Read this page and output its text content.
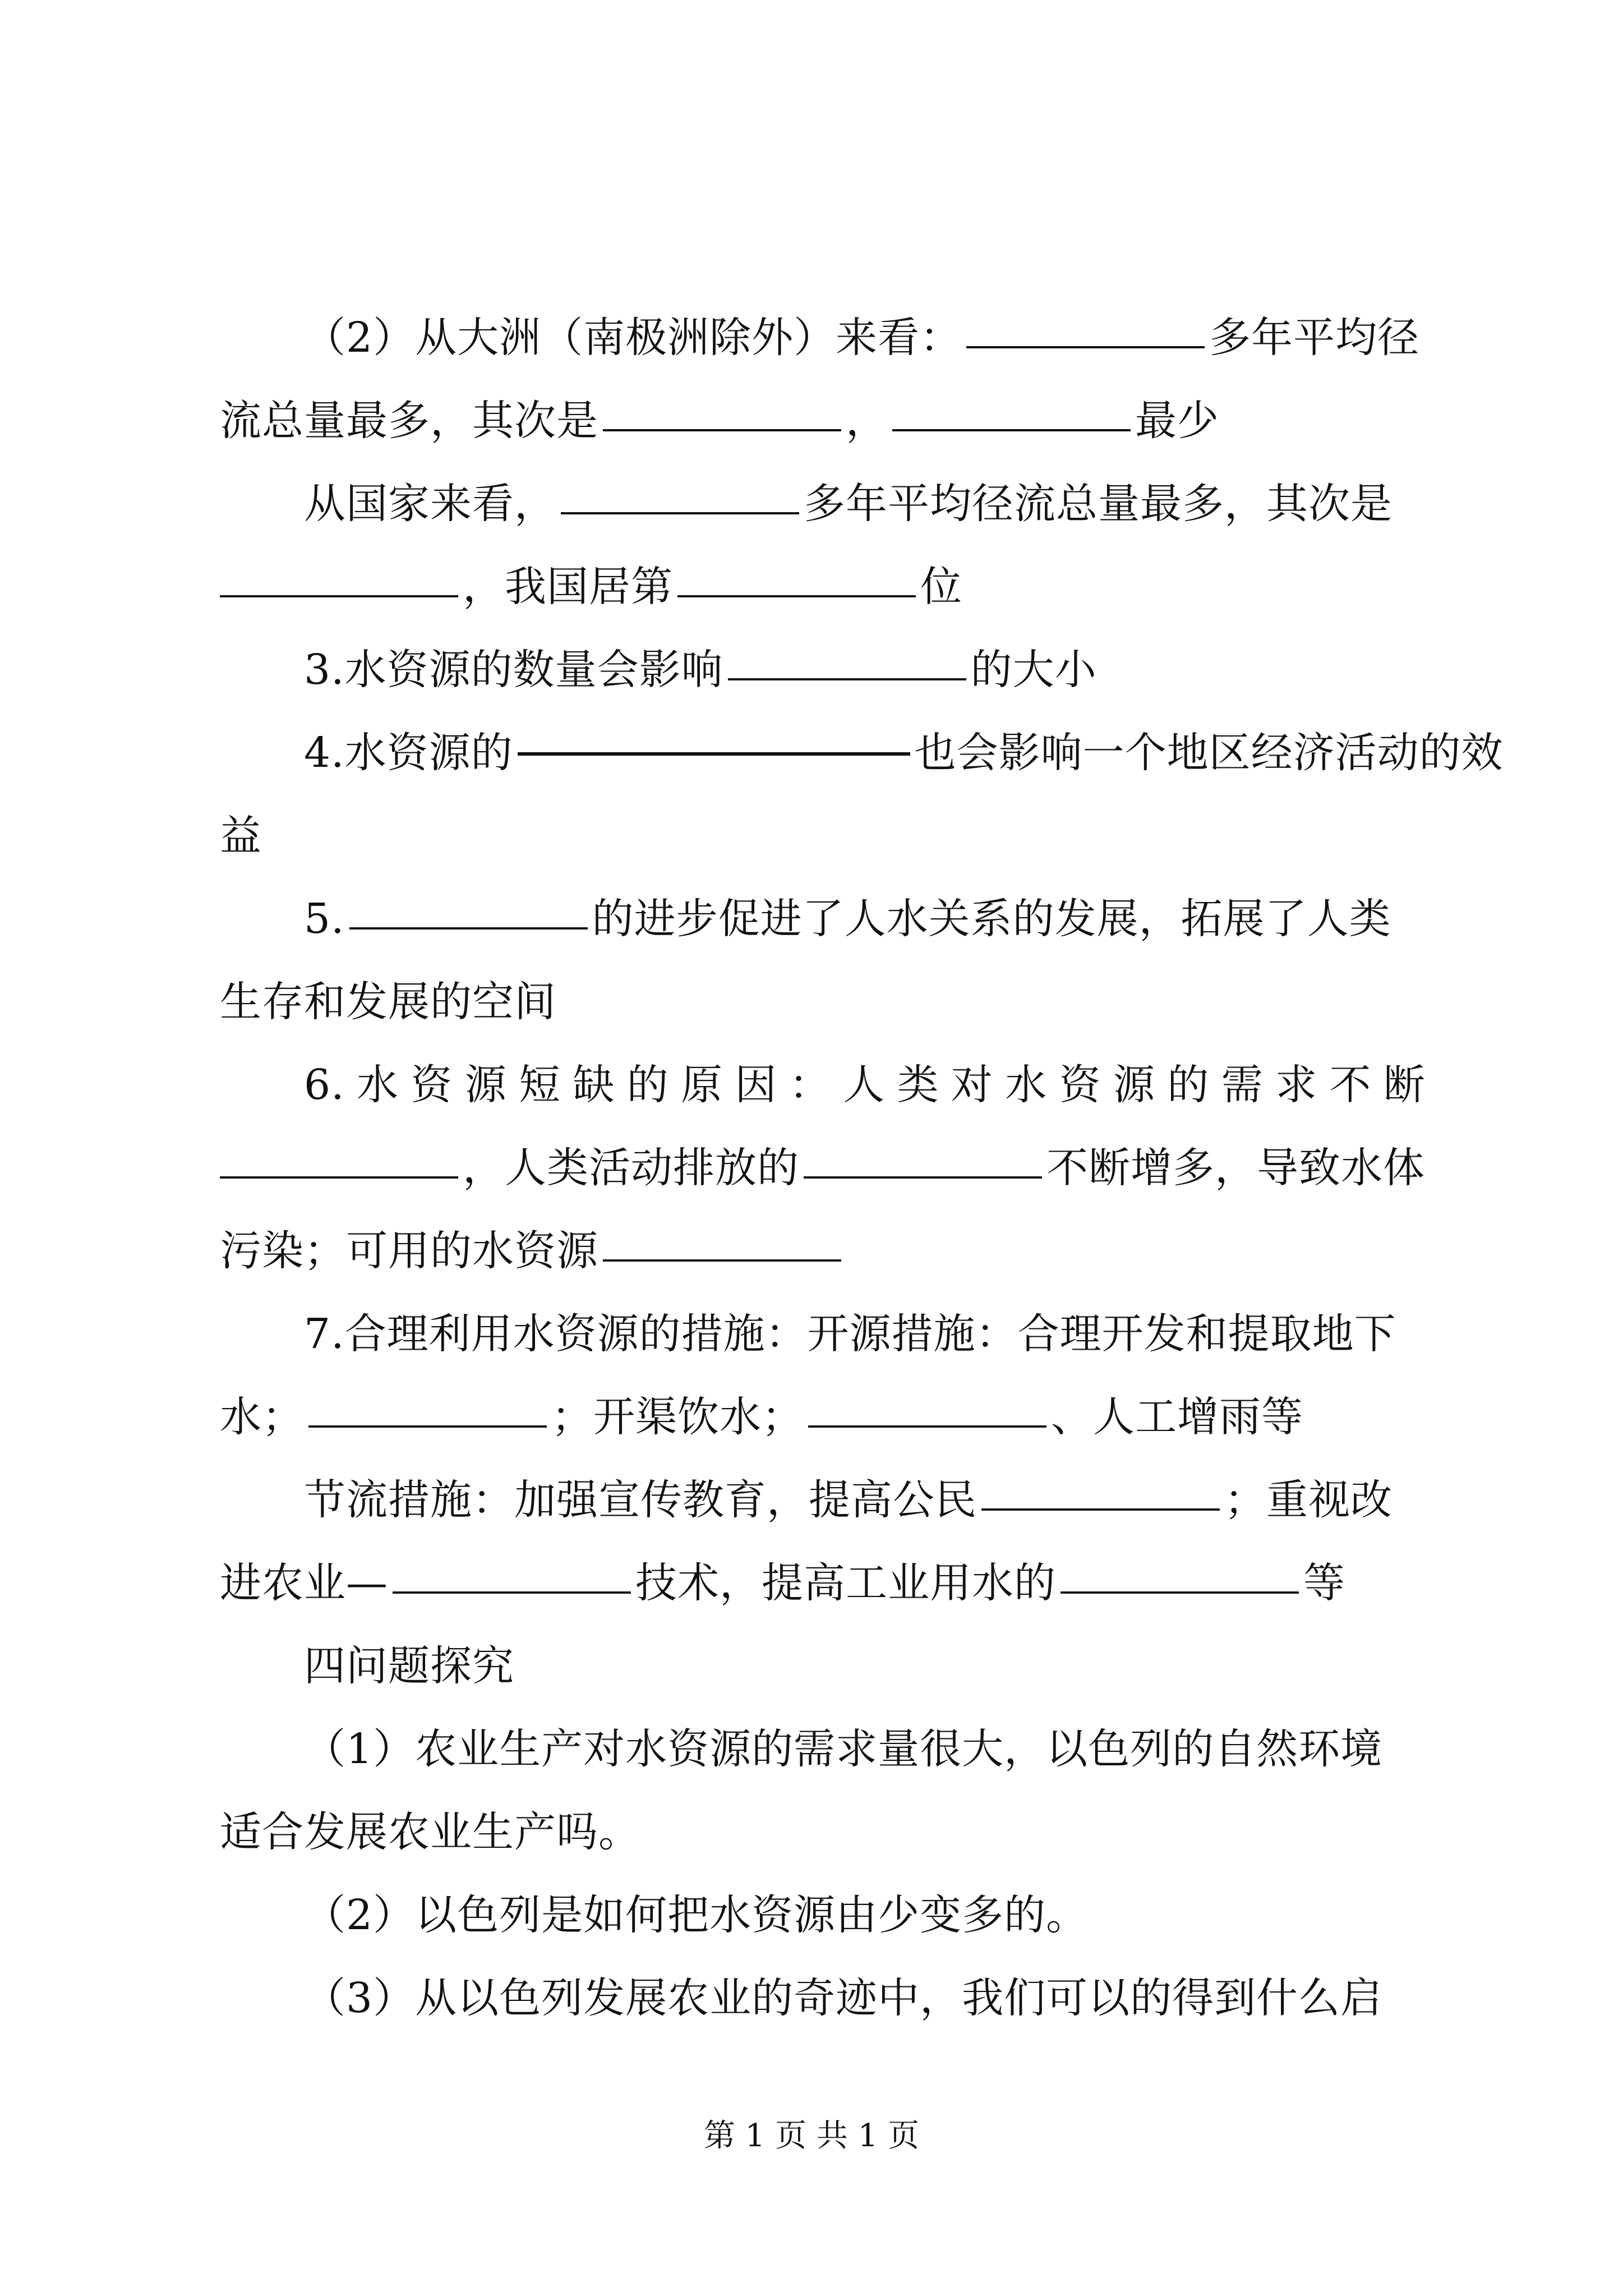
（2）从大洲（南极洲除外）来看：	多年平均径
流总量最多，其次是	，	最少
从国家来看，	多年平均径流总量最多，其次是
，我国居第	位
3.水资源的数量会影响	的大小
4.水资源的	也会影响一个地区经济活动的效
益
5.	的进步促进了人水关系的发展，拓展了人类
生存和发展的空间
6. 水 资 源 短 缺 的 原 因 ： 人 类 对 水 资 源 的 需 求 不 断
，人类活动排放的	不断增多，导致水体
污染；可用的水资源
7.合理利用水资源的措施：开源措施：合理开发和提取地下
水；	；开渠饮水；	、人工增雨等
节流措施：加强宣传教育，提高公民	；重视改
进农业—	技术，提高工业用水的	等
四问题探究
（1）农业生产对水资源的需求量很大，以色列的自然环境
适合发展农业生产吗。
（2）以色列是如何把水资源由少变多的。
（3）从以色列发展农业的奇迹中，我们可以的得到什么启
第 1 页 共 1 页
